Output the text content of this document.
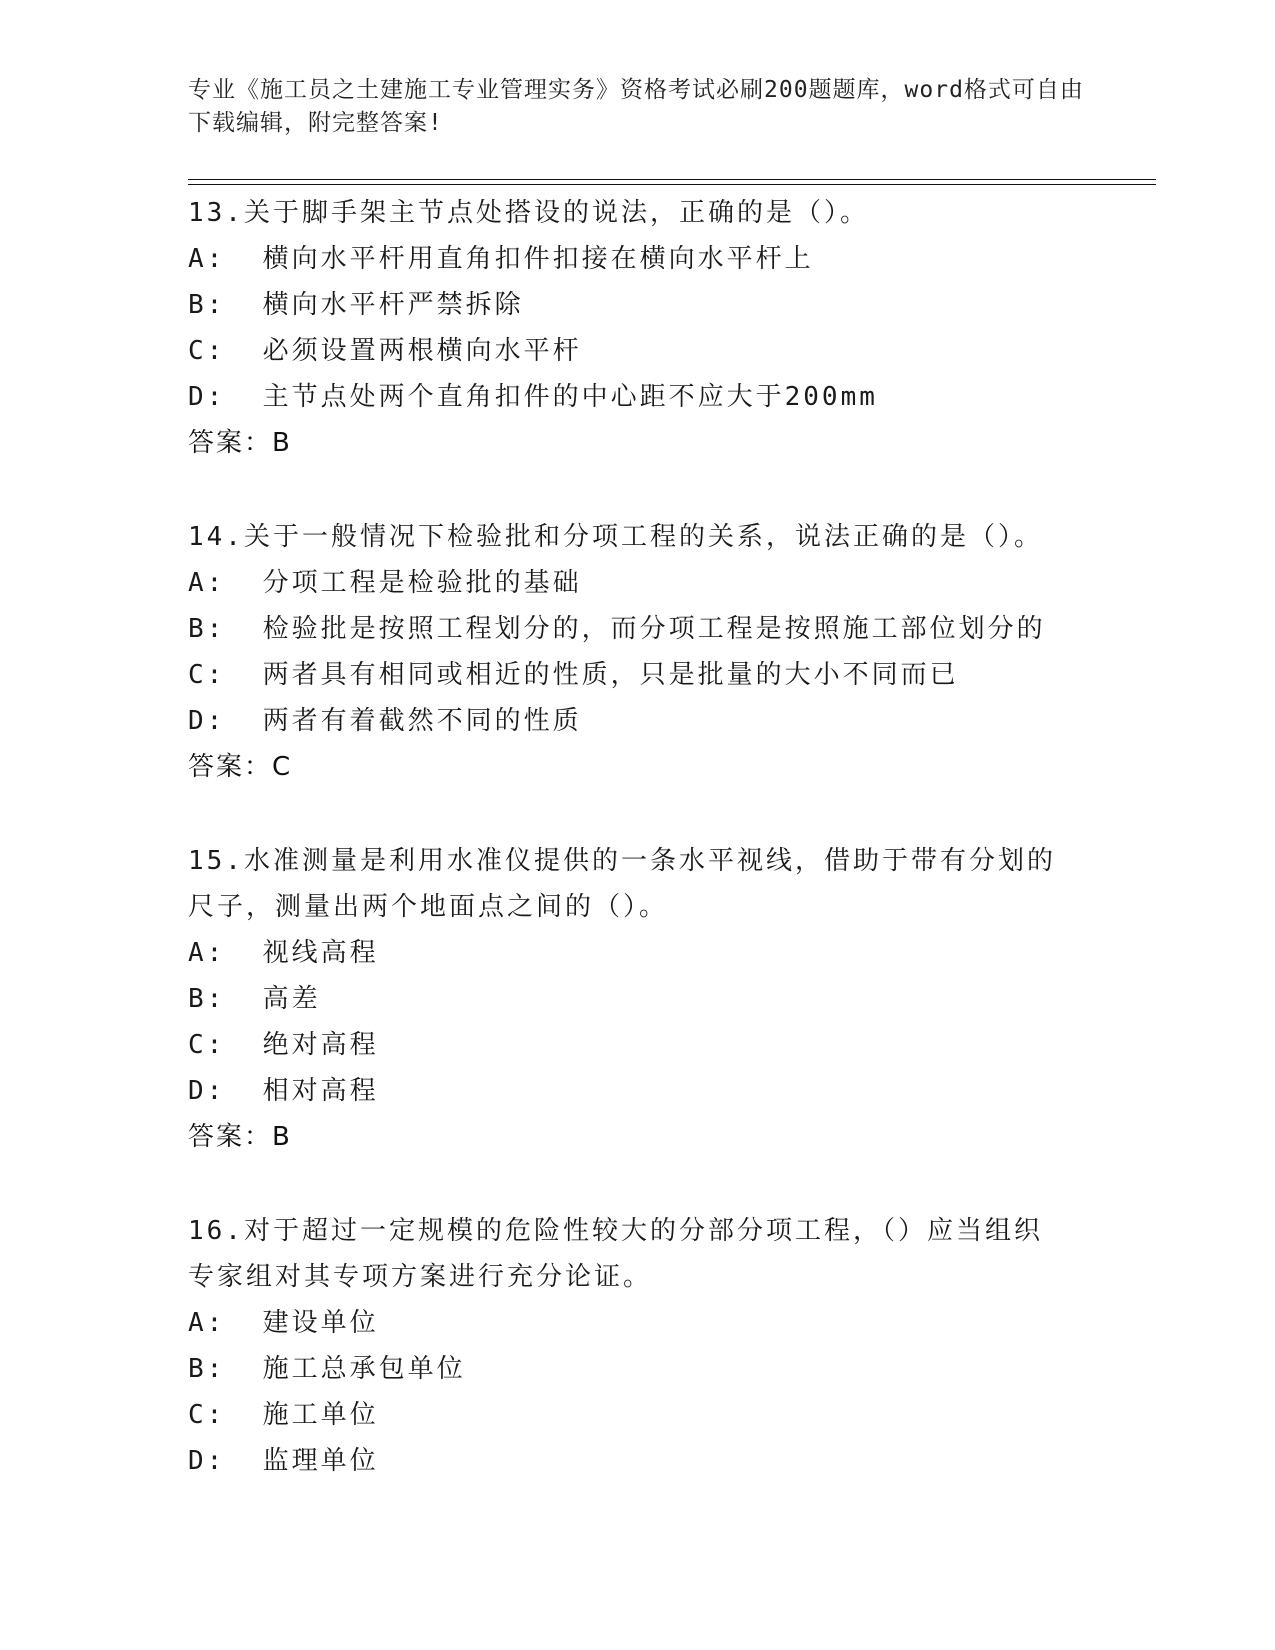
专业《施工员之土建施工专业管理实务》资格考试必刷200题题库，word格式可自由下载编辑，附完整答案!
13.关于脚手架主节点处搭设的说法，正确的是（）。
A:  横向水平杆用直角扣件扣接在横向水平杆上
B:  横向水平杆严禁拆除
C:  必须设置两根横向水平杆
D:  主节点处两个直角扣件的中心距不应大于200mm
答案：B
14.关于一般情况下检验批和分项工程的关系，说法正确的是（）。
A:  分项工程是检验批的基础
B:  检验批是按照工程划分的，而分项工程是按照施工部位划分的
C:  两者具有相同或相近的性质，只是批量的大小不同而已
D:  两者有着截然不同的性质
答案：C
15.水准测量是利用水准仪提供的一条水平视线，借助于带有分划的尺子，测量出两个地面点之间的（）。
A:  视线高程
B:  高差
C:  绝对高程
D:  相对高程
答案：B
16.对于超过一定规模的危险性较大的分部分项工程，（）应当组织专家组对其专项方案进行充分论证。
A:  建设单位
B:  施工总承包单位
C:  施工单位
D:  监理单位
